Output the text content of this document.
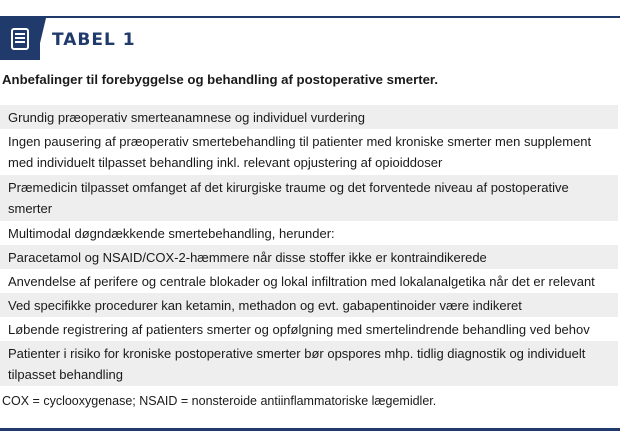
TABEL 1
Anbefalinger til forebyggelse og behandling af postoperative smerter.
Grundig præoperativ smerteanamnese og individuel vurdering
Ingen pausering af præoperativ smertebehandling til patienter med kroniske smerter men supplement med individuelt tilpasset behandling inkl. relevant opjustering af opioiddoser
Præmedicin tilpasset omfanget af det kirurgiske traume og det forventede niveau af postoperative smerter
Multimodal døgndækkende smertebehandling, herunder:
Paracetamol og NSAID/COX-2-hæmmere når disse stoffer ikke er kontraindikerede
Anvendelse af perifere og centrale blokader og lokal infiltration med lokalanalgetika når det er relevant
Ved specifikke procedurer kan ketamin, methadon og evt. gabapentinoider være indikeret
Løbende registrering af patienters smerter og opfølgning med smertelindrende behandling ved behov
Patienter i risiko for kroniske postoperative smerter bør opspores mhp. tidlig diagnostik og individuelt tilpasset behandling
COX = cyclooxygenase; NSAID = nonsteroide antiinflammatoriske lægemidler.
